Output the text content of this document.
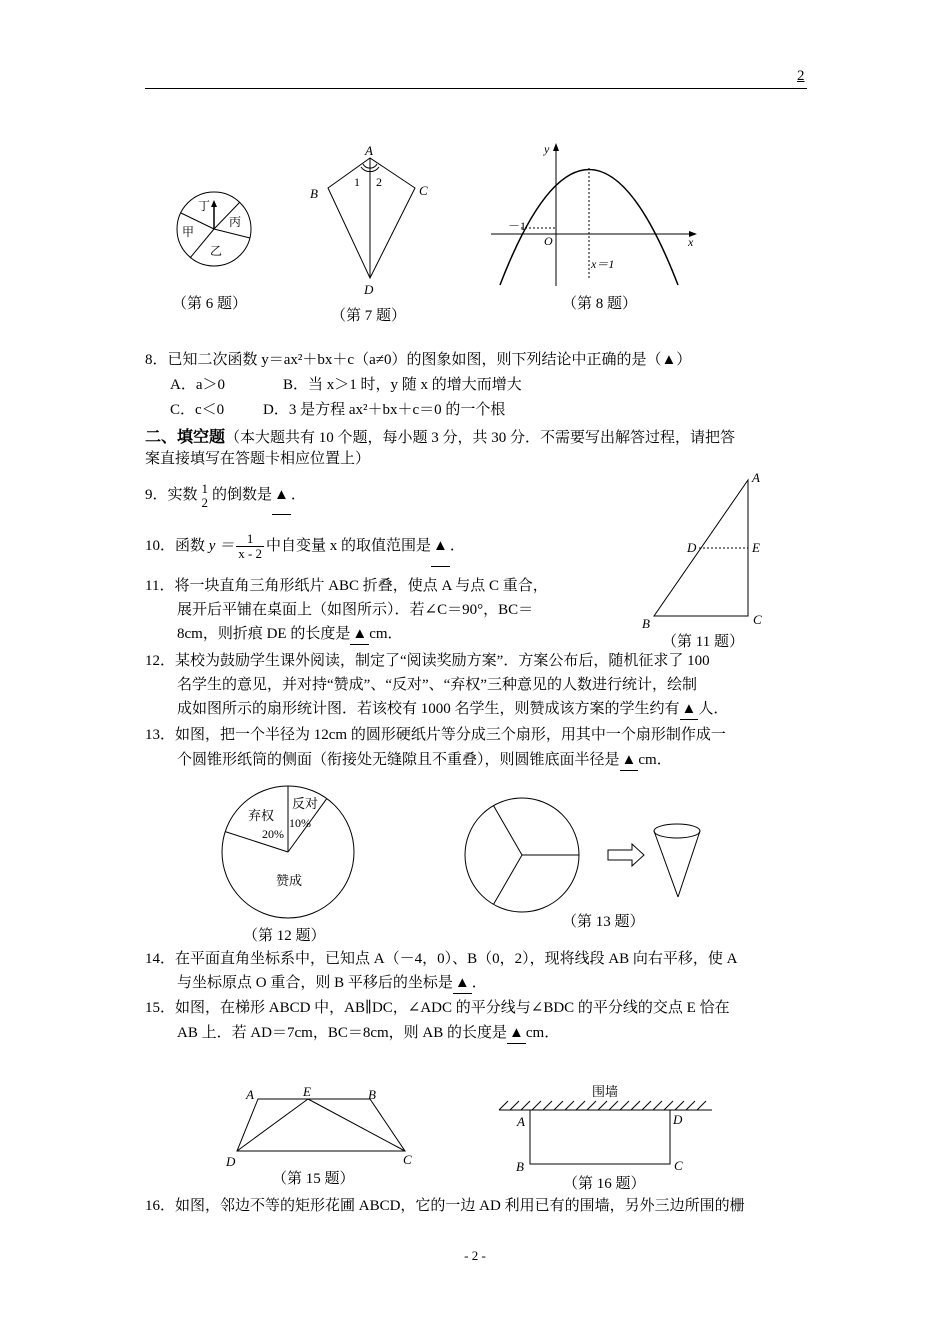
2
丁
丙
甲
乙
（第 6 题）
A
B	C
D
1 2
（第 7 题）
y
x
O
－1
x＝1
（第 8 题）
8．已知二次函数 y＝ax²＋bx＋c（a≠0）的图象如图，则下列结论中正确的是（▲）
A．a＞0	B．当 x＞1 时，y 随 x 的增大而增大
C．c＜0	D．3 是方程 ax²＋bx＋c＝0 的一个根
二、填空题（本大题共有 10 个题，每小题 3 分，共 30 分．不需要写出解答过程，请把答
案直接填写在答题卡相应位置上）
9．实数 1
2 的倒数是 ▲ ．
10．函数 $y = \frac{1}{x - 2}$ 中自变量 x 的取值范围是 ▲ ．
A
D	E
B	C
（第 11 题）
11．将一块直角三角形纸片 ABC 折叠，使点 A 与点 C 重合，
展开后平铺在桌面上（如图所示）．若∠C＝90°，BC＝
8cm，则折痕 DE 的长度是 ▲ cm．
12．某校为鼓励学生课外阅读，制定了“阅读奖励方案”．方案公布后，随机征求了 100
名学生的意见，并对持“赞成”、“反对”、“弃权”三种意见的人数进行统计，绘制
成如图所示的扇形统计图．若该校有 1000 名学生，则赞成该方案的学生约有 ▲ 人．
13．如图，把一个半径为 12cm 的圆形硬纸片等分成三个扇形，用其中一个扇形制作成一
个圆锥形纸筒的侧面（衔接处无缝隙且不重叠），则圆锥底面半径是 ▲ cm．
弃权
20%
反对
10%
赞成
（第 12 题）
（第 13 题）
14．在平面直角坐标系中，已知点 A（－4，0）、B（0，2），现将线段 AB 向右平移，使 A
与坐标原点 O 重合，则 B 平移后的坐标是 ▲ ．
15．如图，在梯形 ABCD 中，AB∥DC，∠ADC 的平分线与∠BDC 的平分线的交点 E 恰在
AB 上．若 AD＝7cm，BC＝8cm，则 AB 的长度是 ▲ cm．
A	E	B
D	C
（第 15 题）
围墙
A	D
B	C
（第 16 题）
16．如图，邻边不等的矩形花圃 ABCD，它的一边 AD 利用已有的围墙，另外三边所围的栅
- 2 -
